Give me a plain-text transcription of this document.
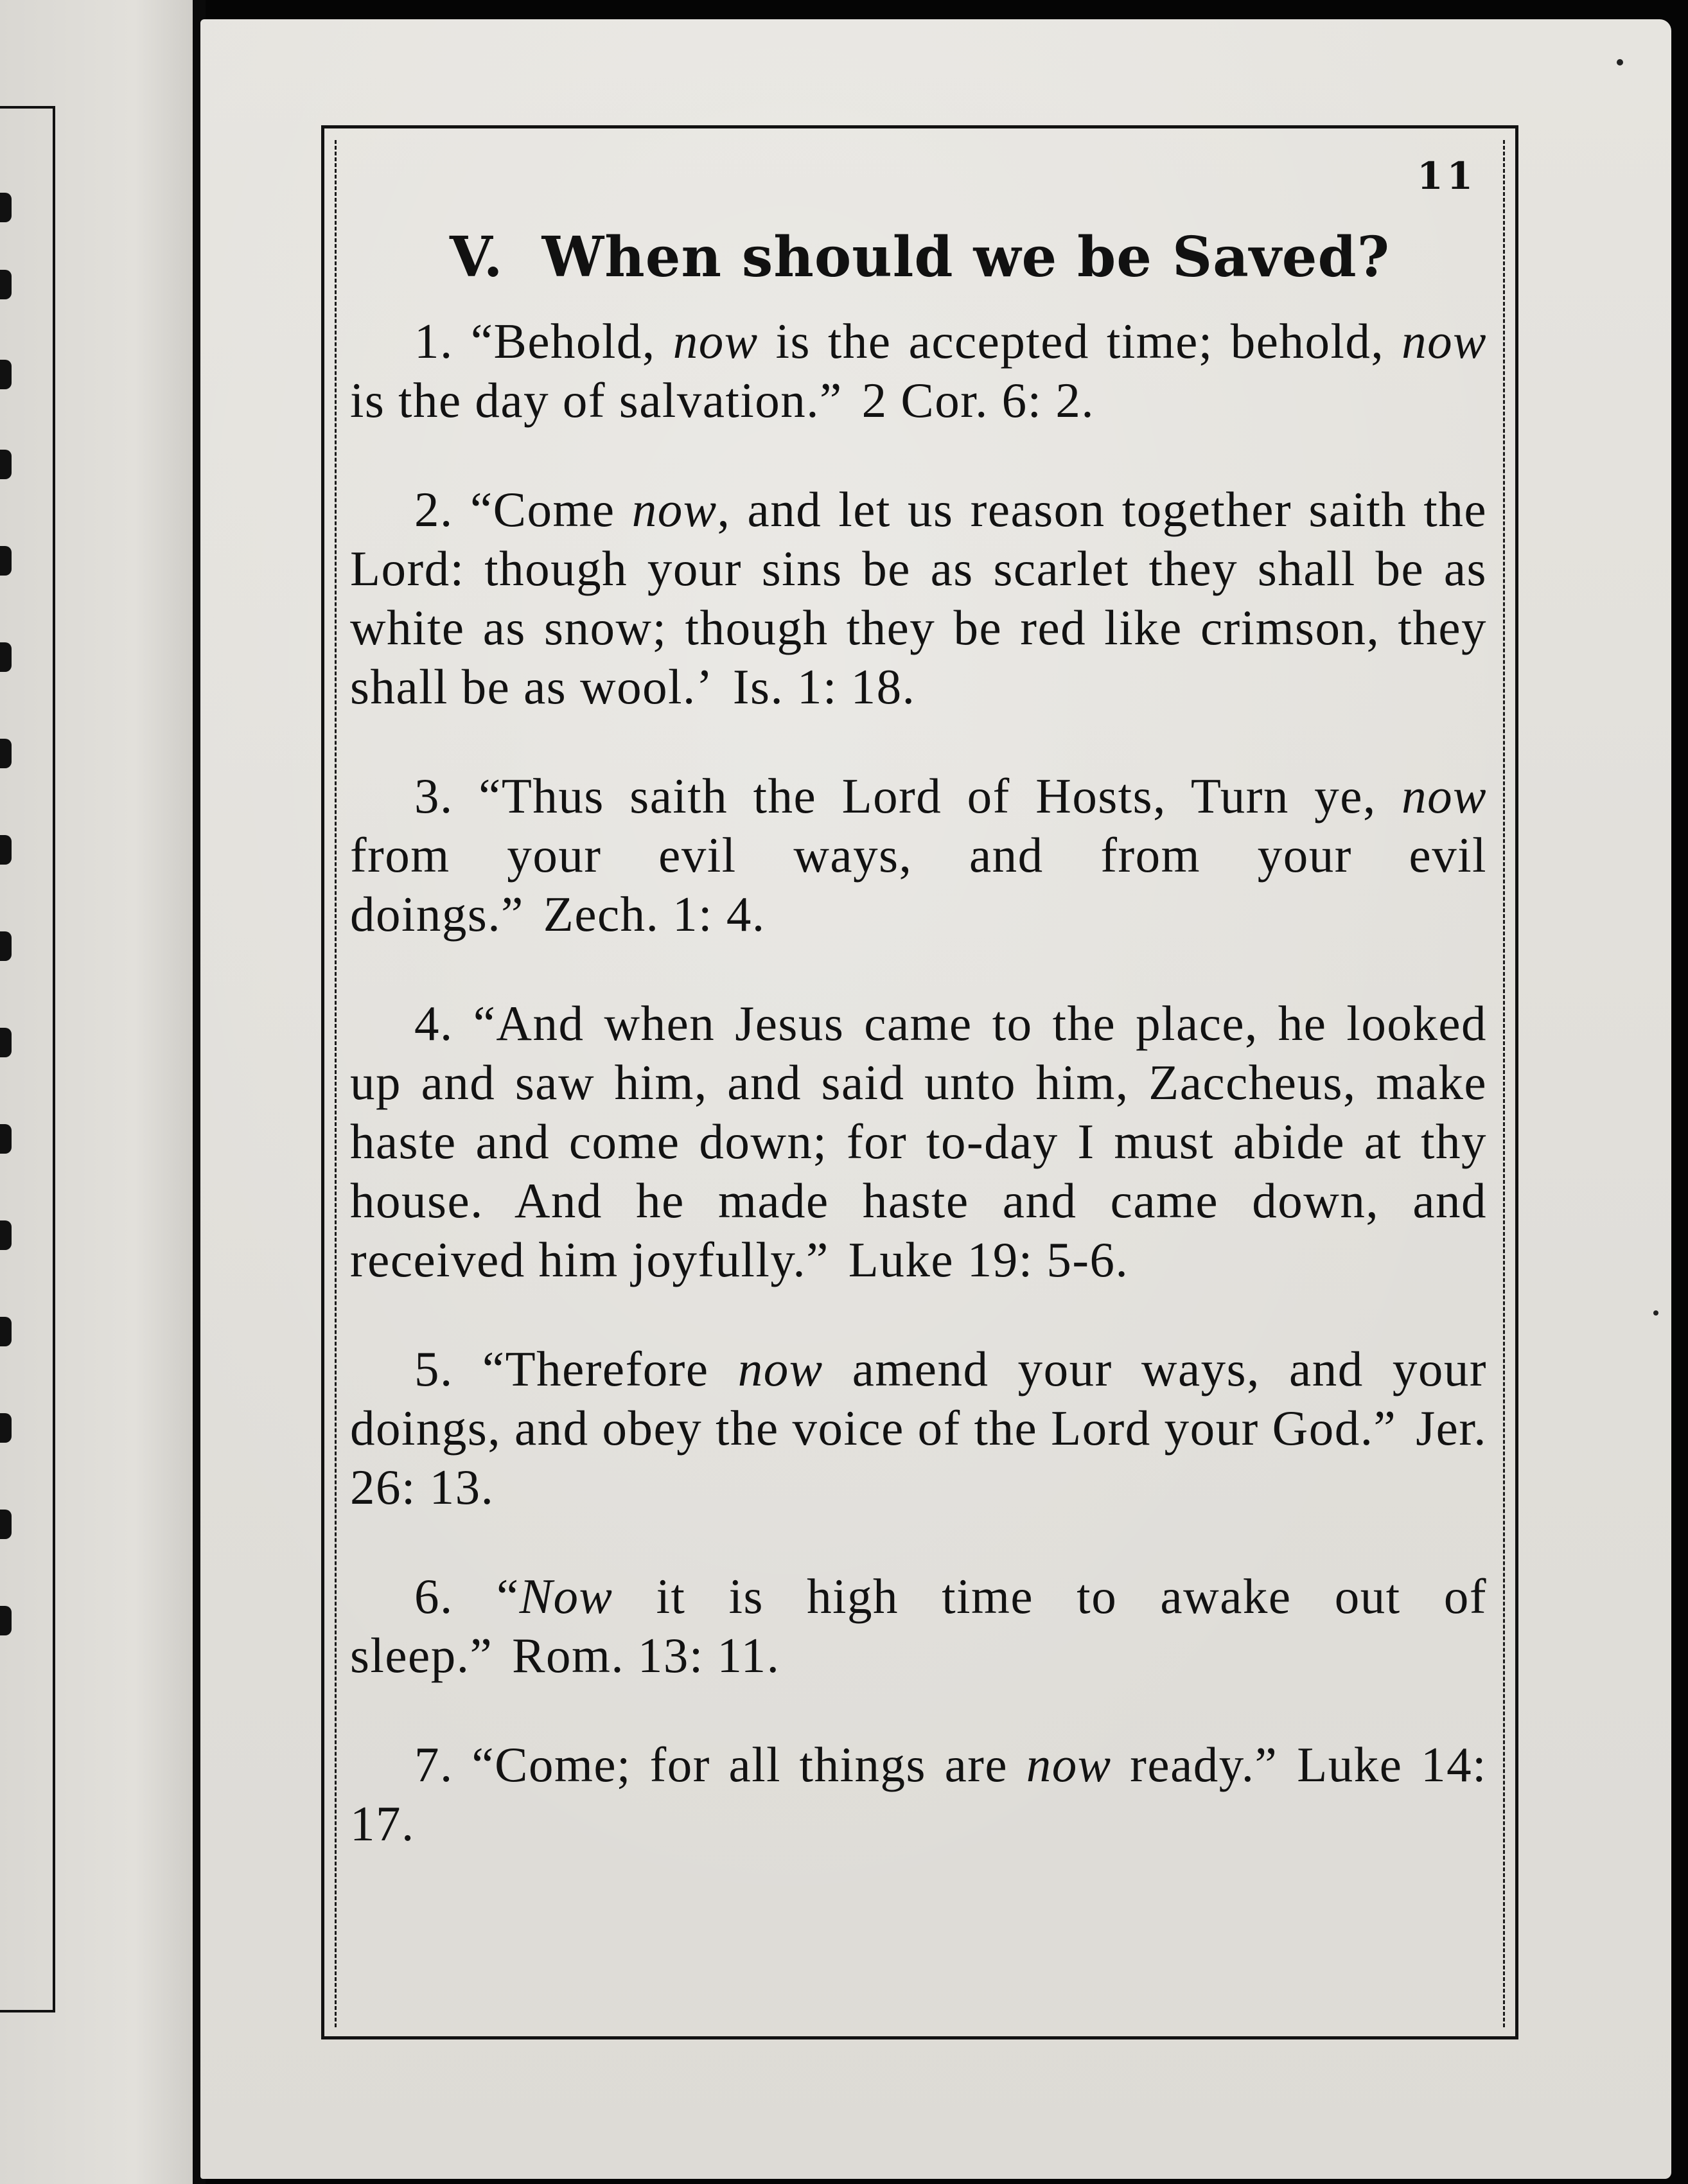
11
V. When should we be Saved?

1. “Behold, now is the accepted time; behold, now is the day of salvation.” 2 Cor. 6: 2.

2. “Come now, and let us reason together saith the Lord: though your sins be as scarlet they shall be as white as snow; though they be red like crimson, they shall be as wool.’ Is. 1: 18.

3. “Thus saith the Lord of Hosts, Turn ye, now from your evil ways, and from your evil doings.” Zech. 1: 4.

4. “And when Jesus came to the place, he looked up and saw him, and said unto him, Zaccheus, make haste and come down; for to-day I must abide at thy house. And he made haste and came down, and received him joyfully.” Luke 19: 5-6.

5. “Therefore now amend your ways, and your doings, and obey the voice of the Lord your God.” Jer. 26: 13.

6. “Now it is high time to awake out of sleep.” Rom. 13: 11.

7. “Come; for all things are now ready.” Luke 14: 17.
